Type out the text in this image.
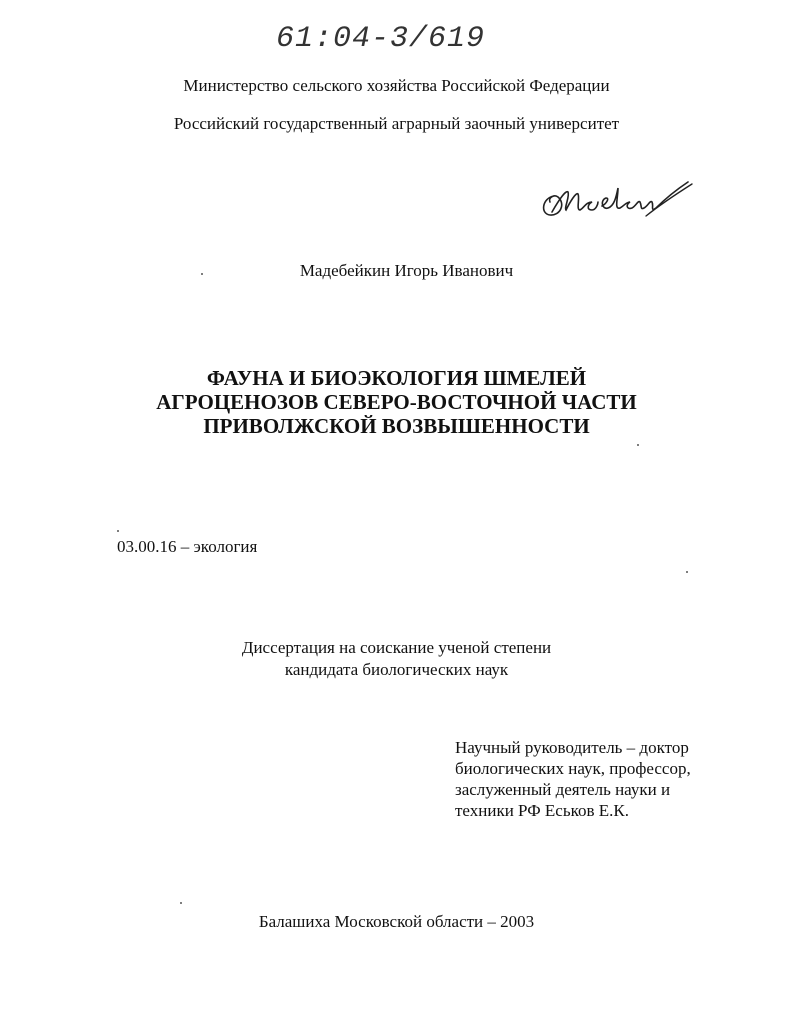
61:04-3/619
Министерство сельского хозяйства Российской Федерации
Российский государственный аграрный заочный университет
Мадебейкин Игорь Иванович
ФАУНА И БИОЭКОЛОГИЯ ШМЕЛЕЙ
АГРОЦЕНОЗОВ СЕВЕРО-ВОСТОЧНОЙ ЧАСТИ
ПРИВОЛЖСКОЙ ВОЗВЫШЕННОСТИ
03.00.16 – экология
Диссертация на соискание ученой степени
кандидата биологических наук
Научный руководитель – доктор
биологических наук, профессор,
заслуженный деятель науки и
техники РФ Еськов Е.К.
Балашиха Московской области – 2003
